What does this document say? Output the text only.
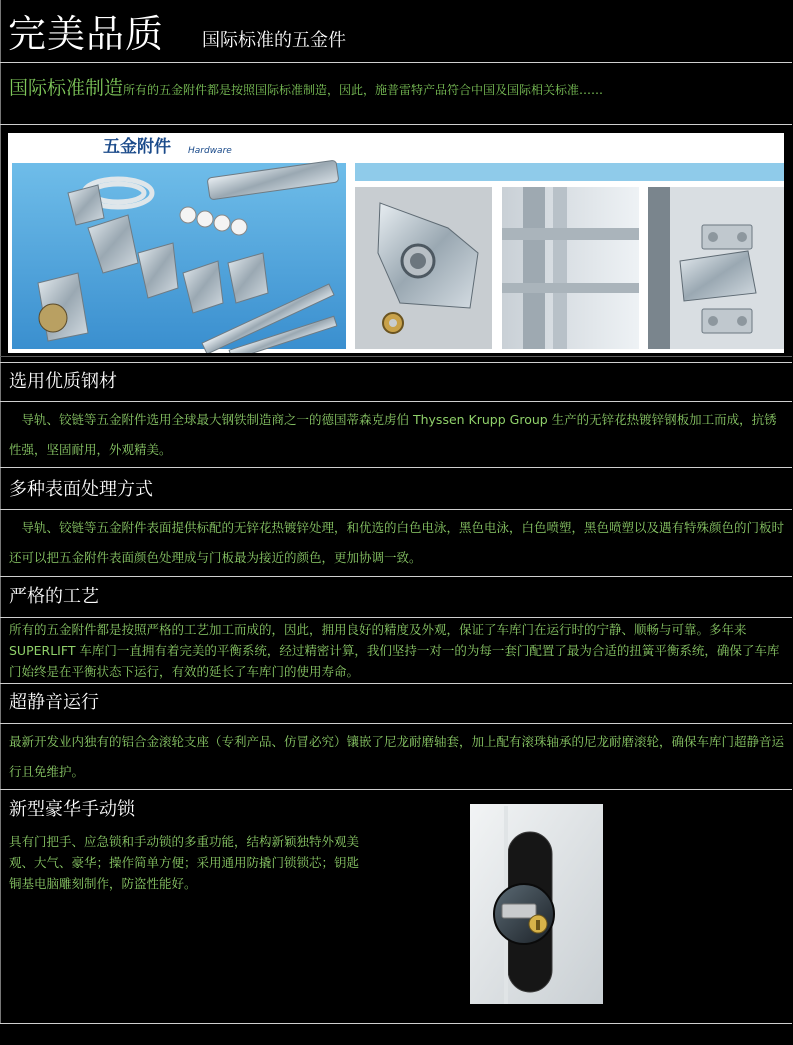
完美品质 国际标准的五金件
国际标准制造所有的五金附件都是按照国际标准制造，因此，施普雷特产品符合中国及国际相关标准……
五金附件 Hardware
选用优质钢材
　导轨、铰链等五金附件选用全球最大钢铁制造商之一的德国蒂森克虏伯 Thyssen Krupp Group 生产的无锌花热镀锌钢板加工而成，抗锈性强，坚固耐用，外观精美。
多种表面处理方式
　导轨、铰链等五金附件表面提供标配的无锌花热镀锌处理，和优选的白色电泳，黑色电泳，白色喷塑，黑色喷塑以及遇有特殊颜色的门板时还可以把五金附件表面颜色处理成与门板最为接近的颜色，更加协调一致。
严格的工艺
所有的五金附件都是按照严格的工艺加工而成的，因此，拥用良好的精度及外观，保证了车库门在运行时的宁静、顺畅与可靠。多年来 SUPERLIFT 车库门一直拥有着完美的平衡系统，经过精密计算，我们坚持一对一的为每一套门配置了最为合适的扭簧平衡系统，确保了车库门始终是在平衡状态下运行，有效的延长了车库门的使用寿命。
超静音运行
最新开发业内独有的铝合金滚轮支座（专利产品、仿冒必究）镶嵌了尼龙耐磨轴套，加上配有滚珠轴承的尼龙耐磨滚轮，确保车库门超静音运行且免维护。
新型豪华手动锁
具有门把手、应急锁和手动锁的多重功能，结构新颖独特外观美观、大气、豪华；操作简单方便；采用通用防撬门锁锁芯；钥匙铜基电脑雕刻制作，防盗性能好。
